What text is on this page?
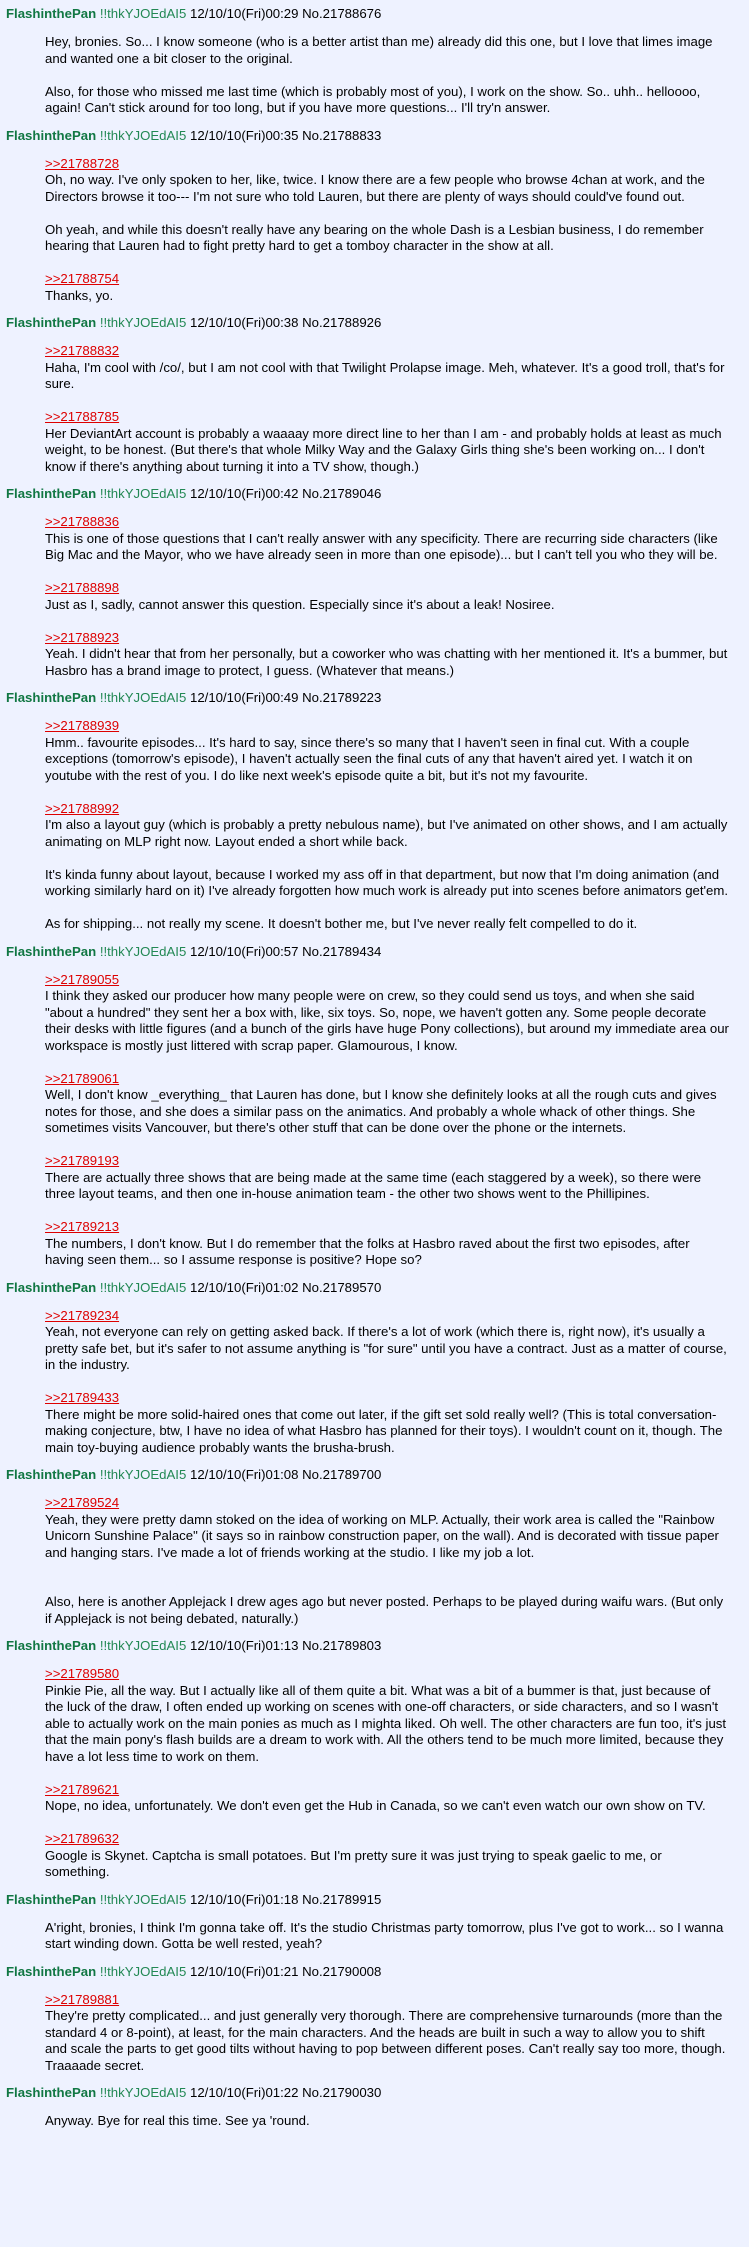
FlashinthePan !!thkYJOEdAI5 12/10/10(Fri)00:29 No.21788676
Hey, bronies. So... I know someone (who is a better artist than me) already did this one, but I love that limes image and wanted one a bit closer to the original.
Also, for those who missed me last time (which is probably most of you), I work on the show. So.. uhh.. helloooo, again! Can't stick around for too long, but if you have more questions... I'll try'n answer.
FlashinthePan !!thkYJOEdAI5 12/10/10(Fri)00:35 No.21788833
>>21788728
Oh, no way. I've only spoken to her, like, twice. I know there are a few people who browse 4chan at work, and the Directors browse it too--- I'm not sure who told Lauren, but there are plenty of ways should could've found out.
Oh yeah, and while this doesn't really have any bearing on the whole Dash is a Lesbian business, I do remember hearing that Lauren had to fight pretty hard to get a tomboy character in the show at all.
>>21788754
Thanks, yo.
FlashinthePan !!thkYJOEdAI5 12/10/10(Fri)00:38 No.21788926
>>21788832
Haha, I'm cool with /co/, but I am not cool with that Twilight Prolapse image. Meh, whatever. It's a good troll, that's for sure.
>>21788785
Her DeviantArt account is probably a waaaay more direct line to her than I am - and probably holds at least as much weight, to be honest. (But there's that whole Milky Way and the Galaxy Girls thing she's been working on... I don't know if there's anything about turning it into a TV show, though.)
FlashinthePan !!thkYJOEdAI5 12/10/10(Fri)00:42 No.21789046
>>21788836
This is one of those questions that I can't really answer with any specificity. There are recurring side characters (like Big Mac and the Mayor, who we have already seen in more than one episode)... but I can't tell you who they will be.
>>21788898
Just as I, sadly, cannot answer this question. Especially since it's about a leak! Nosiree.
>>21788923
Yeah. I didn't hear that from her personally, but a coworker who was chatting with her mentioned it. It's a bummer, but Hasbro has a brand image to protect, I guess. (Whatever that means.)
FlashinthePan !!thkYJOEdAI5 12/10/10(Fri)00:49 No.21789223
>>21788939
Hmm.. favourite episodes... It's hard to say, since there's so many that I haven't seen in final cut. With a couple exceptions (tomorrow's episode), I haven't actually seen the final cuts of any that haven't aired yet. I watch it on youtube with the rest of you. I do like next week's episode quite a bit, but it's not my favourite.
>>21788992
I'm also a layout guy (which is probably a pretty nebulous name), but I've animated on other shows, and I am actually animating on MLP right now. Layout ended a short while back.
It's kinda funny about layout, because I worked my ass off in that department, but now that I'm doing animation (and working similarly hard on it) I've already forgotten how much work is already put into scenes before animators get'em.
As for shipping... not really my scene. It doesn't bother me, but I've never really felt compelled to do it.
FlashinthePan !!thkYJOEdAI5 12/10/10(Fri)00:57 No.21789434
>>21789055
I think they asked our producer how many people were on crew, so they could send us toys, and when she said "about a hundred" they sent her a box with, like, six toys. So, nope, we haven't gotten any. Some people decorate their desks with little figures (and a bunch of the girls have huge Pony collections), but around my immediate area our workspace is mostly just littered with scrap paper. Glamourous, I know.
>>21789061
Well, I don't know _everything_ that Lauren has done, but I know she definitely looks at all the rough cuts and gives notes for those, and she does a similar pass on the animatics. And probably a whole whack of other things. She sometimes visits Vancouver, but there's other stuff that can be done over the phone or the internets.
>>21789193
There are actually three shows that are being made at the same time (each staggered by a week), so there were three layout teams, and then one in-house animation team - the other two shows went to the Phillipines.
>>21789213
The numbers, I don't know. But I do remember that the folks at Hasbro raved about the first two episodes, after having seen them... so I assume response is positive? Hope so?
FlashinthePan !!thkYJOEdAI5 12/10/10(Fri)01:02 No.21789570
>>21789234
Yeah, not everyone can rely on getting asked back. If there's a lot of work (which there is, right now), it's usually a pretty safe bet, but it's safer to not assume anything is "for sure" until you have a contract. Just as a matter of course, in the industry.
>>21789433
There might be more solid-haired ones that come out later, if the gift set sold really well? (This is total conversation-making conjecture, btw, I have no idea of what Hasbro has planned for their toys). I wouldn't count on it, though. The main toy-buying audience probably wants the brusha-brush.
FlashinthePan !!thkYJOEdAI5 12/10/10(Fri)01:08 No.21789700
>>21789524
Yeah, they were pretty damn stoked on the idea of working on MLP. Actually, their work area is called the "Rainbow Unicorn Sunshine Palace" (it says so in rainbow construction paper, on the wall). And is decorated with tissue paper and hanging stars. I've made a lot of friends working at the studio. I like my job a lot.
Also, here is another Applejack I drew ages ago but never posted. Perhaps to be played during waifu wars. (But only if Applejack is not being debated, naturally.)
FlashinthePan !!thkYJOEdAI5 12/10/10(Fri)01:13 No.21789803
>>21789580
Pinkie Pie, all the way. But I actually like all of them quite a bit. What was a bit of a bummer is that, just because of the luck of the draw, I often ended up working on scenes with one-off characters, or side characters, and so I wasn't able to actually work on the main ponies as much as I mighta liked. Oh well. The other characters are fun too, it's just that the main pony's flash builds are a dream to work with. All the others tend to be much more limited, because they have a lot less time to work on them.
>>21789621
Nope, no idea, unfortunately. We don't even get the Hub in Canada, so we can't even watch our own show on TV.
>>21789632
Google is Skynet. Captcha is small potatoes. But I'm pretty sure it was just trying to speak gaelic to me, or something.
FlashinthePan !!thkYJOEdAI5 12/10/10(Fri)01:18 No.21789915
A'right, bronies, I think I'm gonna take off. It's the studio Christmas party tomorrow, plus I've got to work... so I wanna start winding down. Gotta be well rested, yeah?
FlashinthePan !!thkYJOEdAI5 12/10/10(Fri)01:21 No.21790008
>>21789881
They're pretty complicated... and just generally very thorough. There are comprehensive turnarounds (more than the standard 4 or 8-point), at least, for the main characters. And the heads are built in such a way to allow you to shift and scale the parts to get good tilts without having to pop between different poses. Can't really say too more, though. Traaaade secret.
FlashinthePan !!thkYJOEdAI5 12/10/10(Fri)01:22 No.21790030
Anyway. Bye for real this time. See ya 'round.
